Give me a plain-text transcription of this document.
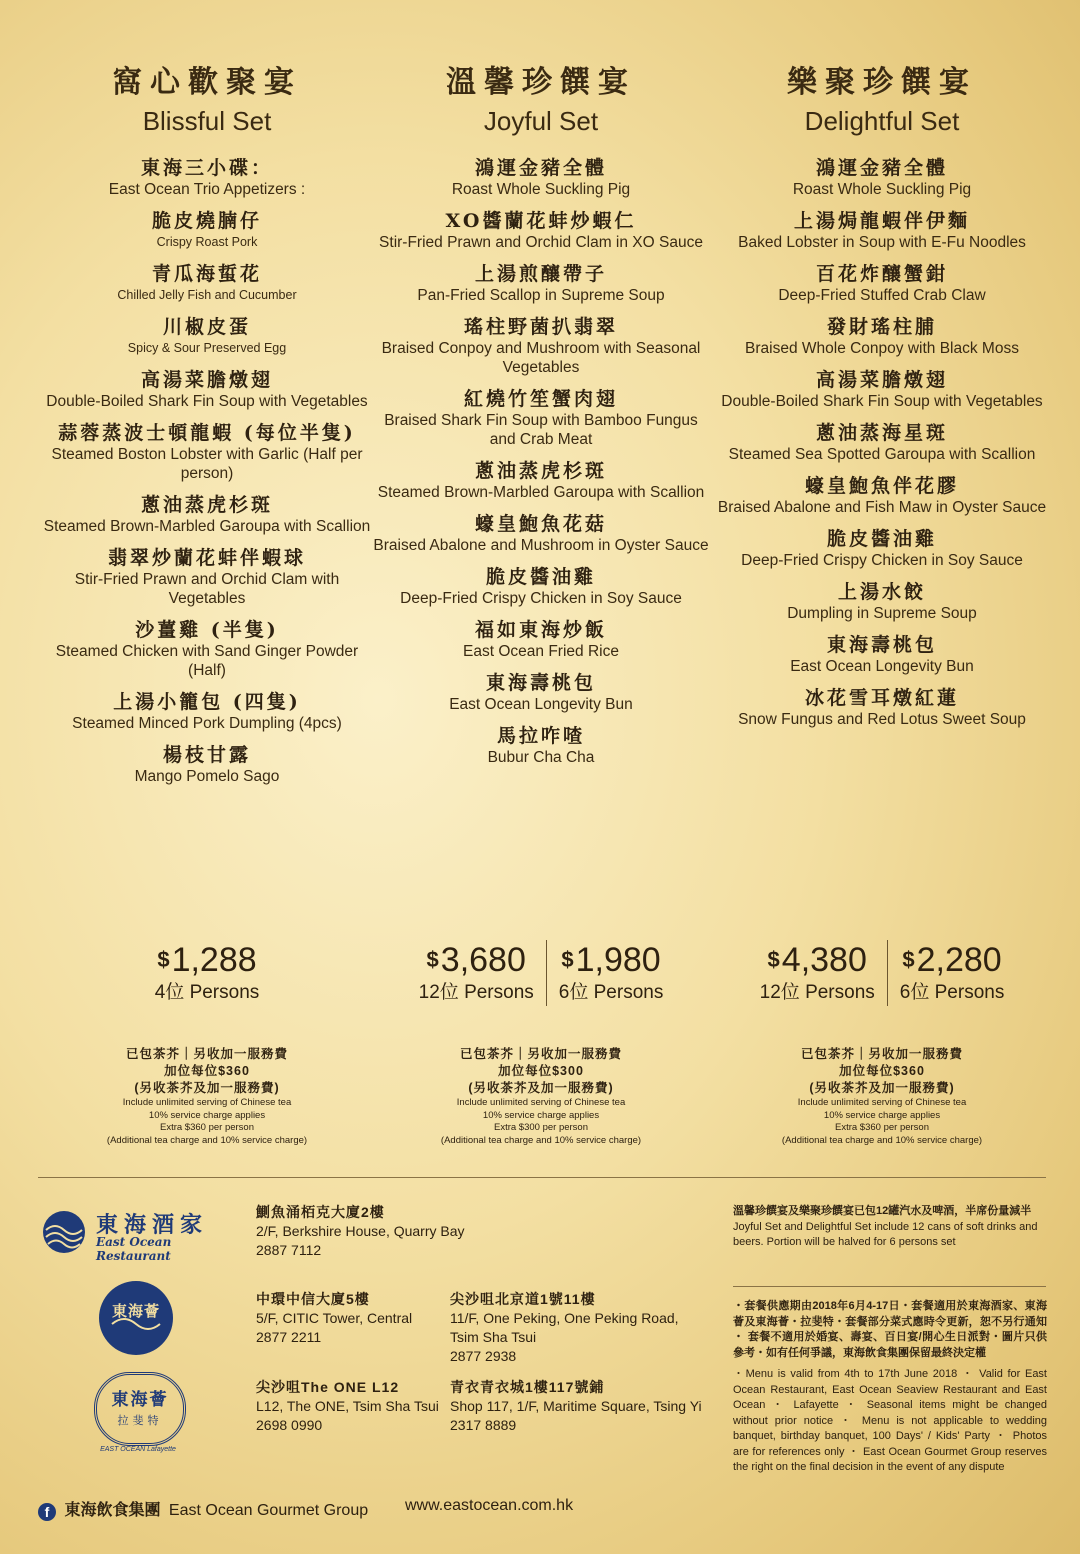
窩心歡聚宴
Blissful Set
東海三小碟：
East Ocean Trio Appetizers :
脆皮燒腩仔
Crispy Roast Pork
青瓜海蜇花
Chilled Jelly Fish and Cucumber
川椒皮蛋
Spicy & Sour Preserved Egg
高湯菜膽燉翅
Double-Boiled Shark Fin Soup with Vegetables
蒜蓉蒸波士頓龍蝦 (每位半隻)
Steamed Boston Lobster with Garlic (Half per person)
蔥油蒸虎杉斑
Steamed Brown-Marbled Garoupa with Scallion
翡翠炒蘭花蚌伴蝦球
Stir-Fried Prawn and Orchid Clam with Vegetables
沙薑雞 (半隻)
Steamed Chicken with Sand Ginger Powder (Half)
上湯小籠包 (四隻)
Steamed Minced Pork Dumpling (4pcs)
楊枝甘露
Mango Pomelo Sago
溫馨珍饌宴
Joyful Set
鴻運金豬全體
Roast Whole Suckling Pig
XO醬蘭花蚌炒蝦仁
Stir-Fried Prawn and Orchid Clam in XO Sauce
上湯煎釀帶子
Pan-Fried Scallop in Supreme Soup
瑤柱野菌扒翡翠
Braised Conpoy and Mushroom with Seasonal Vegetables
紅燒竹笙蟹肉翅
Braised Shark Fin Soup with Bamboo Fungus and Crab Meat
蔥油蒸虎杉斑
Steamed Brown-Marbled Garoupa with Scallion
蠔皇鮑魚花菇
Braised Abalone and Mushroom in Oyster Sauce
脆皮醬油雞
Deep-Fried Crispy Chicken in Soy Sauce
福如東海炒飯
East Ocean Fried Rice
東海壽桃包
East Ocean Longevity Bun
馬拉咋喳
Bubur Cha Cha
樂聚珍饌宴
Delightful Set
鴻運金豬全體
Roast Whole Suckling Pig
上湯焗龍蝦伴伊麵
Baked Lobster in Soup with E-Fu Noodles
百花炸釀蟹鉗
Deep-Fried Stuffed Crab Claw
發財瑤柱脯
Braised Whole Conpoy with Black Moss
高湯菜膽燉翅
Double-Boiled Shark Fin Soup with Vegetables
蔥油蒸海星斑
Steamed Sea Spotted Garoupa with Scallion
蠔皇鮑魚伴花膠
Braised Abalone and Fish Maw in Oyster Sauce
脆皮醬油雞
Deep-Fried Crispy Chicken in Soy Sauce
上湯水餃
Dumpling in Supreme Soup
東海壽桃包
East Ocean Longevity Bun
冰花雪耳燉紅蓮
Snow Fungus and Red Lotus Sweet Soup
$1,288
4位 Persons
$3,680
12位 Persons
$1,980
6位 Persons
$4,380
12位 Persons
$2,280
6位 Persons
已包茶芥｜另收加一服務費
加位每位$360
(另收茶芥及加一服務費)
Include unlimited serving of Chinese tea
10% service charge applies
Extra $360 per person
(Additional tea charge and 10% service charge)
已包茶芥｜另收加一服務費
加位每位$300
(另收茶芥及加一服務費)
Include unlimited serving of Chinese tea
10% service charge applies
Extra $300 per person
(Additional tea charge and 10% service charge)
已包茶芥｜另收加一服務費
加位每位$360
(另收茶芥及加一服務費)
Include unlimited serving of Chinese tea
10% service charge applies
Extra $360 per person
(Additional tea charge and 10% service charge)
東海酒家
East Ocean Restaurant
東海薈
東海薈
拉斐特
EAST OCEAN Lafayette
鰂魚涌栢克大廈2樓
2/F, Berkshire House, Quarry Bay
2887 7112
中環中信大廈5樓
5/F, CITIC Tower, Central
2877 2211
尖沙咀北京道1號11樓
11/F, One Peking, One Peking Road, Tsim Sha Tsui
2877 2938
尖沙咀The ONE L12
L12, The ONE, Tsim Sha Tsui
2698 0990
青衣青衣城1樓117號鋪
Shop 117, 1/F, Maritime Square, Tsing Yi
2317 8889
溫馨珍饌宴及樂聚珍饌宴已包12罐汽水及啤酒，半席份量減半
Joyful Set and Delightful Set include 12 cans of soft drinks and beers. Portion will be halved for 6 persons set
・套餐供應期由2018年6月4-17日・套餐適用於東海酒家、東海薈及東海薈・拉斐特・套餐部分菜式應時令更新，恕不另行通知 ・ 套餐不適用於婚宴、壽宴、百日宴/開心生日派對・圖片只供參考・如有任何爭議，東海飲食集團保留最終決定權
・Menu is valid from 4th to 17th June 2018 ・ Valid for East Ocean Restaurant, East Ocean Seaview Restaurant and East Ocean ・ Lafayette ・ Seasonal items might be changed without prior notice ・ Menu is not applicable to wedding banquet, birthday banquet, 100 Days' / Kids' Party ・ Photos are for references only ・ East Ocean Gourmet Group reserves the right on the final decision in the event of any dispute
f 東海飲食集團 East Ocean Gourmet Group www.eastocean.com.hk
